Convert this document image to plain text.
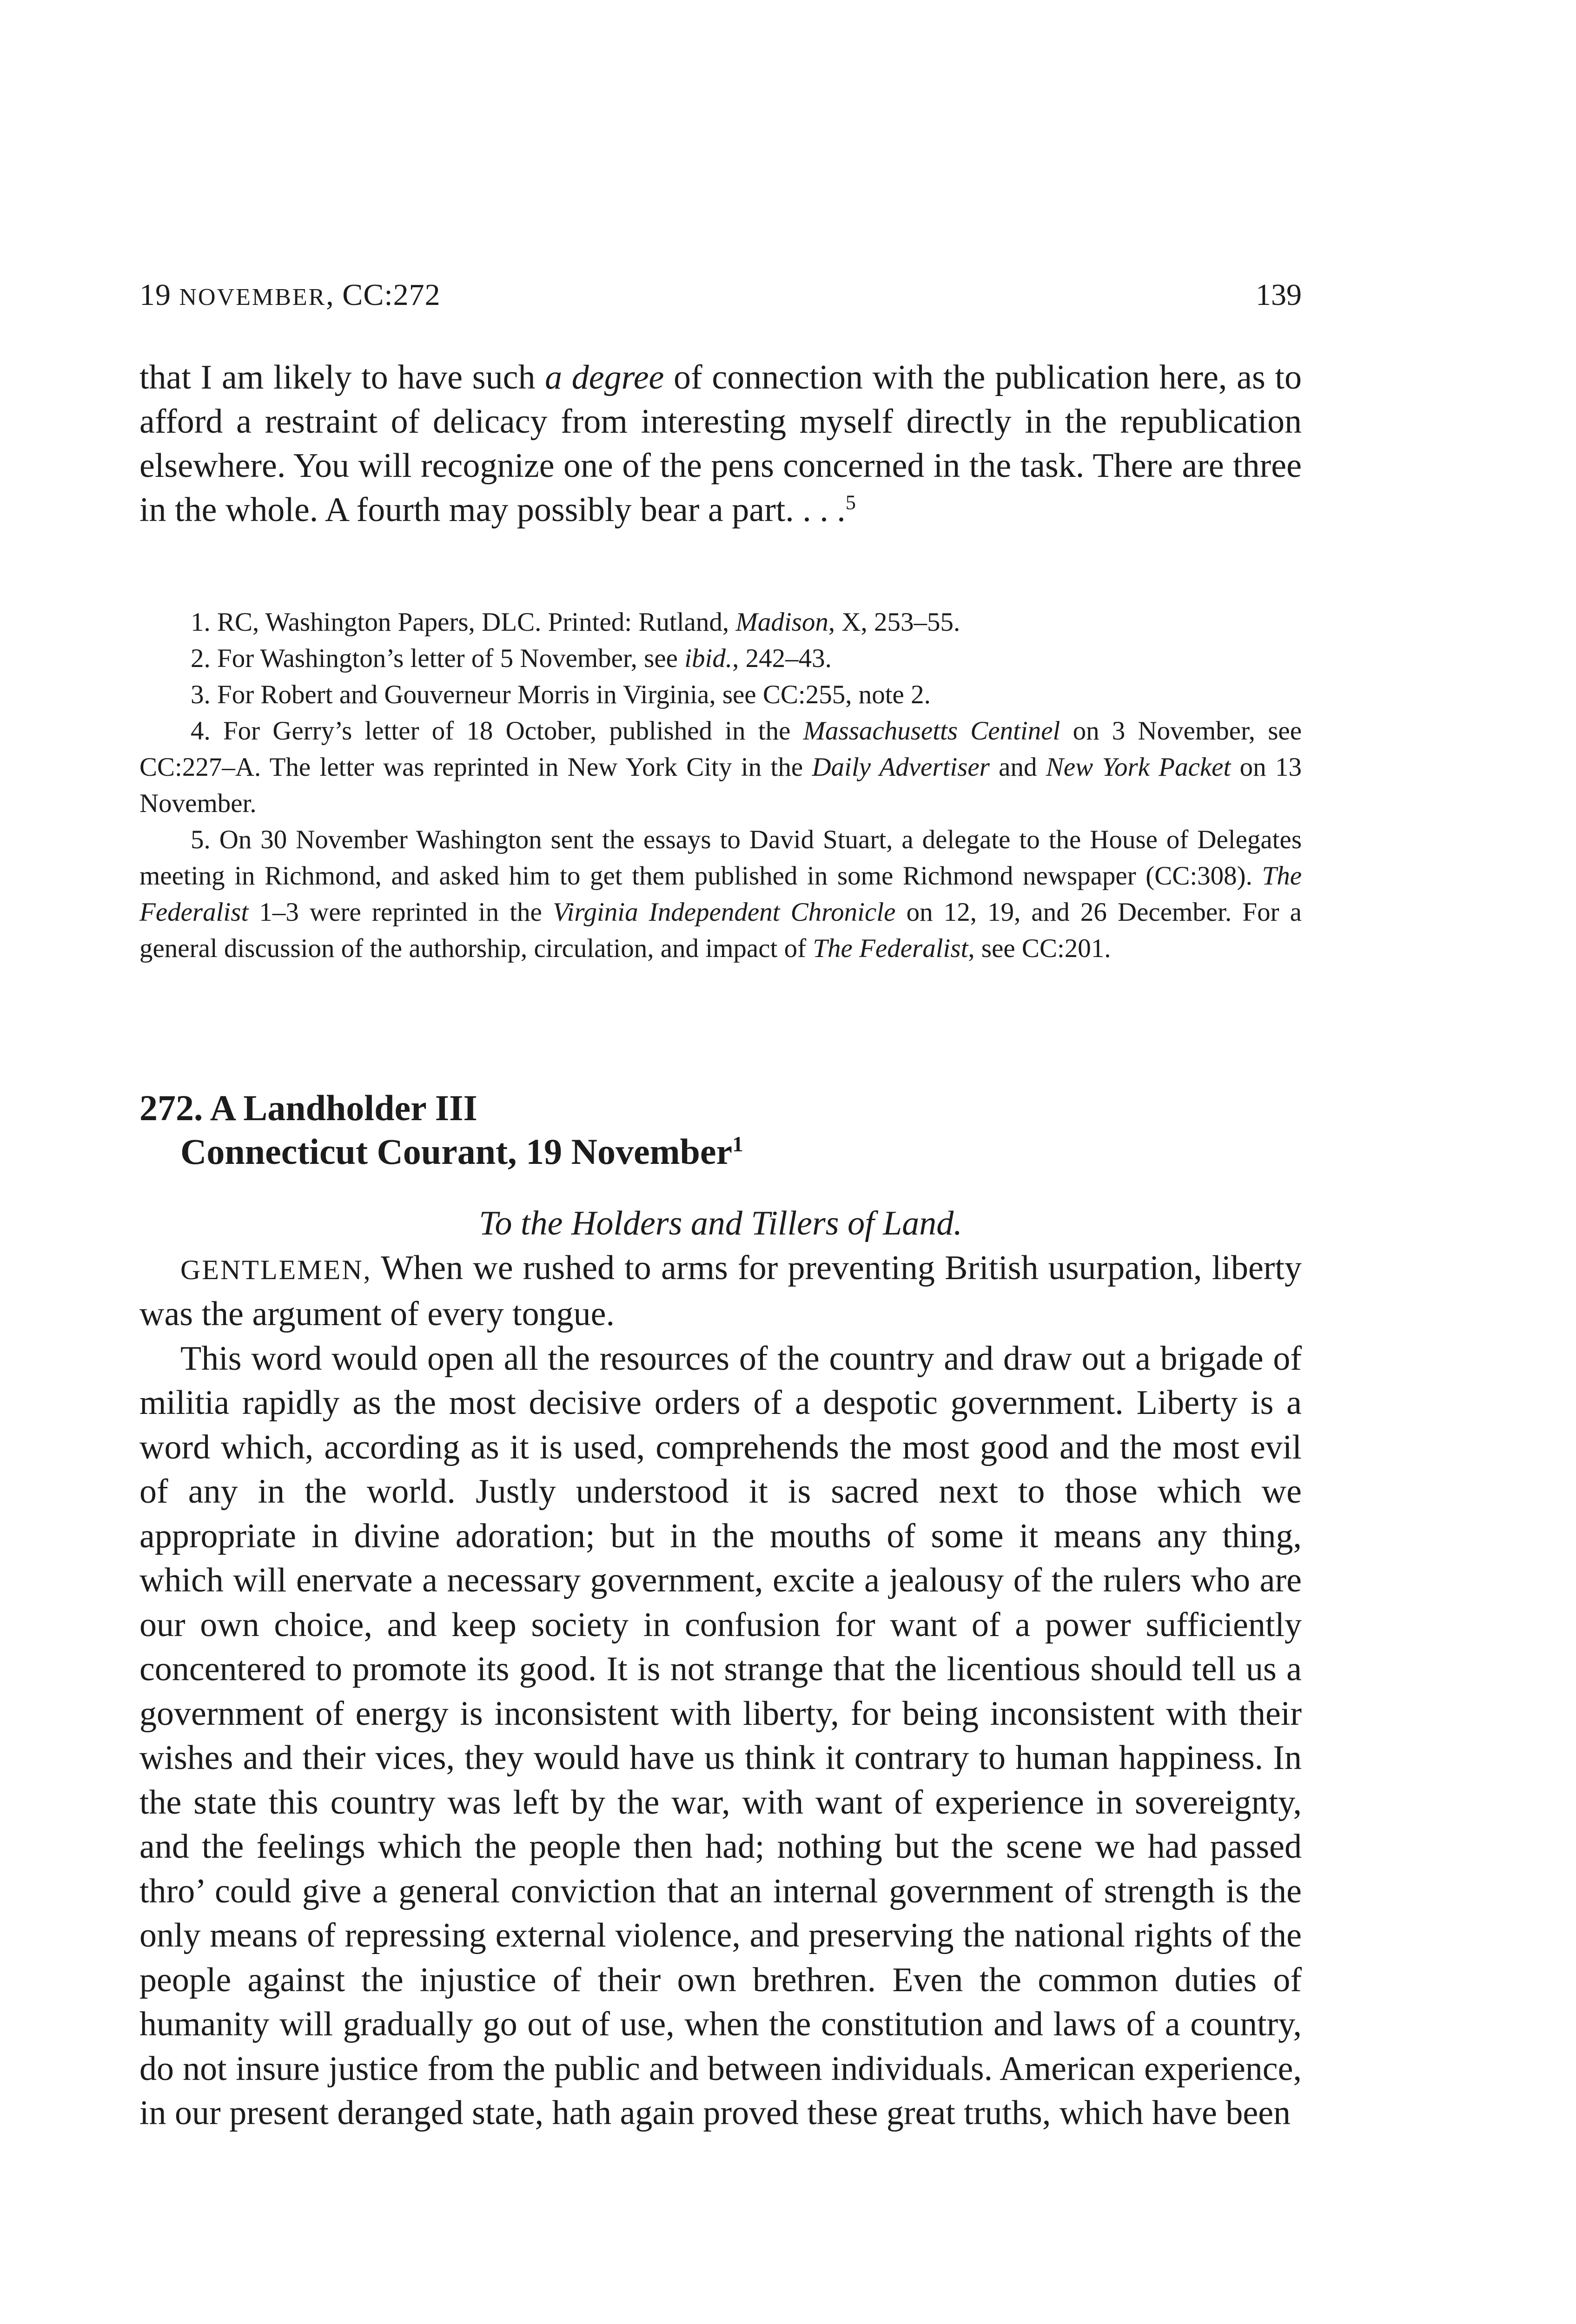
19 NOVEMBER, CC:272	139
that I am likely to have such a degree of connection with the publication here, as to afford a restraint of delicacy from interesting myself directly in the republication elsewhere. You will recognize one of the pens concerned in the task. There are three in the whole. A fourth may possibly bear a part. . . .$^5$

1. RC, Washington Papers, DLC. Printed: Rutland, Madison, X, 253–55.

2. For Washington’s letter of 5 November, see ibid., 242–43.

3. For Robert and Gouverneur Morris in Virginia, see CC:255, note 2.

4. For Gerry’s letter of 18 October, published in the Massachusetts Centinel on 3 November, see CC:227–A. The letter was reprinted in New York City in the Daily Advertiser and New York Packet on 13 November.

5. On 30 November Washington sent the essays to David Stuart, a delegate to the House of Delegates meeting in Richmond, and asked him to get them published in some Richmond newspaper (CC:308). The Federalist 1–3 were reprinted in the Virginia Independent Chronicle on 12, 19, and 26 December. For a general discussion of the authorship, circulation, and impact of The Federalist, see CC:201.

272. A Landholder III

Connecticut Courant, 19 November$^1$

To the Holders and Tillers of Land.

GENTLEMEN, When we rushed to arms for preventing British usurpation, liberty was the argument of every tongue.

This word would open all the resources of the country and draw out a brigade of militia rapidly as the most decisive orders of a despotic government. Liberty is a word which, according as it is used, comprehends the most good and the most evil of any in the world. Justly understood it is sacred next to those which we appropriate in divine adoration; but in the mouths of some it means any thing, which will enervate a necessary government, excite a jealousy of the rulers who are our own choice, and keep society in confusion for want of a power sufficiently concentered to promote its good. It is not strange that the licentious should tell us a government of energy is inconsistent with liberty, for being inconsistent with their wishes and their vices, they would have us think it contrary to human happiness. In the state this country was left by the war, with want of experience in sovereignty, and the feelings which the people then had; nothing but the scene we had passed thro’ could give a general conviction that an internal government of strength is the only means of repressing external violence, and preserving the national rights of the people against the injustice of their own brethren. Even the common duties of humanity will gradually go out of use, when the constitution and laws of a country, do not insure justice from the public and between individuals. American experience, in our present deranged state, hath again proved these great truths, which have been
